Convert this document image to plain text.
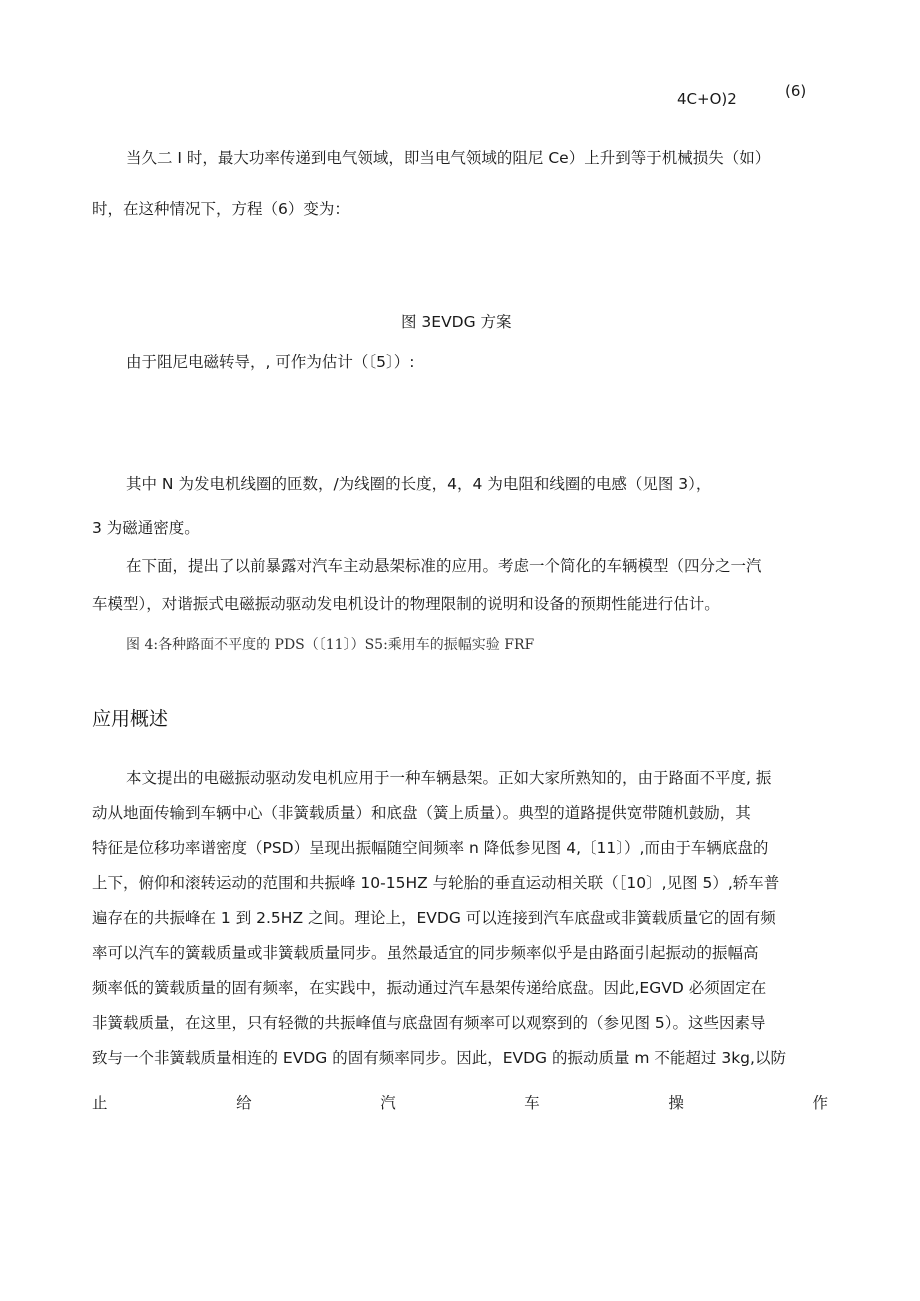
4C+O)2	(6)
当久二 I 时，最大功率传递到电气领域，即当电气领域的阻尼 Ce）上升到等于机械损失（如）
时，在这种情况下，方程（6）变为：
图 3EVDG 方案
由于阻尼电磁转导，, 可作为估计（〔5〕）:
其中 N 为发电机线圈的匝数，/为线圈的长度，4，4 为电阻和线圈的电感（见图 3），
3 为磁通密度。
在下面，提出了以前暴露对汽车主动悬架标准的应用。考虑一个简化的车辆模型（四分之一汽
车模型），对谐振式电磁振动驱动发电机设计的物理限制的说明和设备的预期性能进行估计。
图 4:各种路面不平度的 PDS（〔11〕）S5:乘用车的振幅实验 FRF
应用概述
本文提出的电磁振动驱动发电机应用于一种车辆悬架。正如大家所熟知的，由于路面不平度, 振
动从地面传输到车辆中心（非簧载质量）和底盘（簧上质量）。典型的道路提供宽带随机鼓励，其
特征是位移功率谱密度（PSD）呈现出振幅随空间频率 n 降低参见图 4,〔11〕）,而由于车辆底盘的
上下，俯仰和滚转运动的范围和共振峰 10-15HZ 与轮胎的垂直运动相关联（［10〕,见图 5）,轿车普
遍存在的共振峰在 1 到 2.5HZ 之间。理论上，EVDG 可以连接到汽车底盘或非簧载质量它的固有频
率可以汽车的簧载质量或非簧载质量同步。虽然最适宜的同步频率似乎是由路面引起振动的振幅高
频率低的簧载质量的固有频率，在实践中，振动通过汽车悬架传递给底盘。因此,EGVD 必须固定在
非簧载质量，在这里，只有轻微的共振峰值与底盘固有频率可以观察到的（参见图 5）。这些因素导
致与一个非簧载质量相连的 EVDG 的固有频率同步。因此，EVDG 的振动质量 m 不能超过 3kg,以防
止	给	汽	车	操	作
